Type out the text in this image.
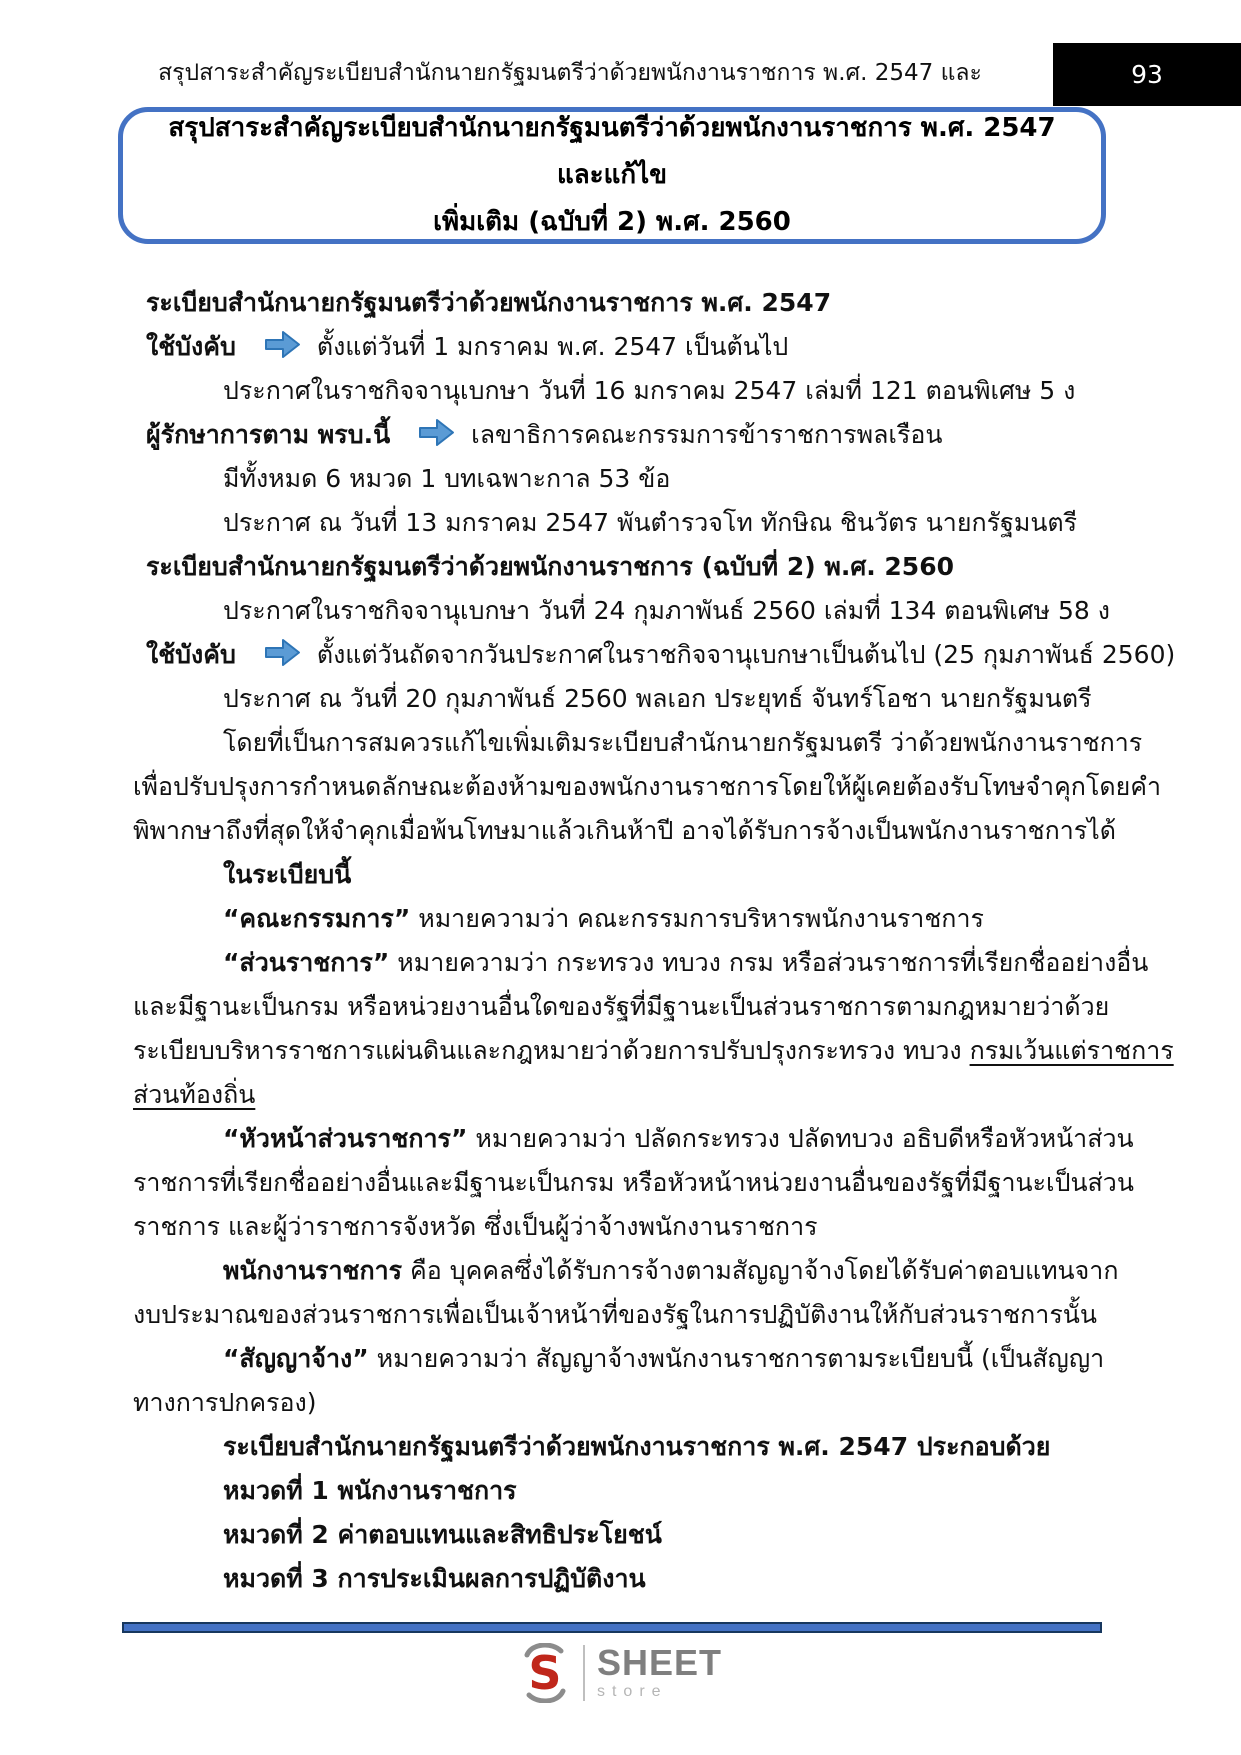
สรุปสาระสำคัญระเบียบสำนักนายกรัฐมนตรีว่าด้วยพนักงานราชการ พ.ศ. 2547 และ	93
สรุปสาระสำคัญระเบียบสำนักนายกรัฐมนตรีว่าด้วยพนักงานราชการ พ.ศ. 2547 และแก้ไข
เพิ่มเติม (ฉบับที่ 2) พ.ศ. 2560
ระเบียบสำนักนายกรัฐมนตรีว่าด้วยพนักงานราชการ พ.ศ. 2547
ใช้บังคับ	ตั้งแต่วันที่ 1 มกราคม พ.ศ. 2547 เป็นต้นไป
ประกาศในราชกิจจานุเบกษา วันที่ 16 มกราคม 2547 เล่มที่ 121 ตอนพิเศษ 5 ง
ผู้รักษาการตาม พรบ.นี้	เลขาธิการคณะกรรมการข้าราชการพลเรือน
มีทั้งหมด 6 หมวด 1 บทเฉพาะกาล 53 ข้อ
ประกาศ ณ วันที่ 13 มกราคม 2547 พันตำรวจโท ทักษิณ ชินวัตร นายกรัฐมนตรี
ระเบียบสำนักนายกรัฐมนตรีว่าด้วยพนักงานราชการ (ฉบับที่ 2) พ.ศ. 2560
ประกาศในราชกิจจานุเบกษา วันที่ 24 กุมภาพันธ์ 2560 เล่มที่ 134 ตอนพิเศษ 58 ง
ใช้บังคับ	ตั้งแต่วันถัดจากวันประกาศในราชกิจจานุเบกษาเป็นต้นไป (25 กุมภาพันธ์ 2560)
ประกาศ ณ วันที่ 20 กุมภาพันธ์ 2560 พลเอก ประยุทธ์ จันทร์โอชา นายกรัฐมนตรี
โดยที่เป็นการสมควรแก้ไขเพิ่มเติมระเบียบสำนักนายกรัฐมนตรี ว่าด้วยพนักงานราชการ
เพื่อปรับปรุงการกำหนดลักษณะต้องห้ามของพนักงานราชการโดยให้ผู้เคยต้องรับโทษจำคุกโดยคำ
พิพากษาถึงที่สุดให้จำคุกเมื่อพ้นโทษมาแล้วเกินห้าปี อาจได้รับการจ้างเป็นพนักงานราชการได้
ในระเบียบนี้
“คณะกรรมการ” หมายความว่า คณะกรรมการบริหารพนักงานราชการ
“ส่วนราชการ” หมายความว่า กระทรวง ทบวง กรม หรือส่วนราชการที่เรียกชื่ออย่างอื่น
และมีฐานะเป็นกรม หรือหน่วยงานอื่นใดของรัฐที่มีฐานะเป็นส่วนราชการตามกฎหมายว่าด้วย
ระเบียบบริหารราชการแผ่นดินและกฎหมายว่าด้วยการปรับปรุงกระทรวง ทบวง กรมเว้นแต่ราชการ
ส่วนท้องถิ่น
“หัวหน้าส่วนราชการ” หมายความว่า ปลัดกระทรวง ปลัดทบวง อธิบดีหรือหัวหน้าส่วน
ราชการที่เรียกชื่ออย่างอื่นและมีฐานะเป็นกรม หรือหัวหน้าหน่วยงานอื่นของรัฐที่มีฐานะเป็นส่วน
ราชการ และผู้ว่าราชการจังหวัด ซึ่งเป็นผู้ว่าจ้างพนักงานราชการ
พนักงานราชการ คือ บุคคลซึ่งได้รับการจ้างตามสัญญาจ้างโดยได้รับค่าตอบแทนจาก
งบประมาณของส่วนราชการเพื่อเป็นเจ้าหน้าที่ของรัฐในการปฏิบัติงานให้กับส่วนราชการนั้น
“สัญญาจ้าง” หมายความว่า สัญญาจ้างพนักงานราชการตามระเบียบนี้ (เป็นสัญญา
ทางการปกครอง)
ระเบียบสำนักนายกรัฐมนตรีว่าด้วยพนักงานราชการ พ.ศ. 2547 ประกอบด้วย
หมวดที่ 1 พนักงานราชการ
หมวดที่ 2 ค่าตอบแทนและสิทธิประโยชน์
หมวดที่ 3 การประเมินผลการปฏิบัติงาน
S SHEET
store
